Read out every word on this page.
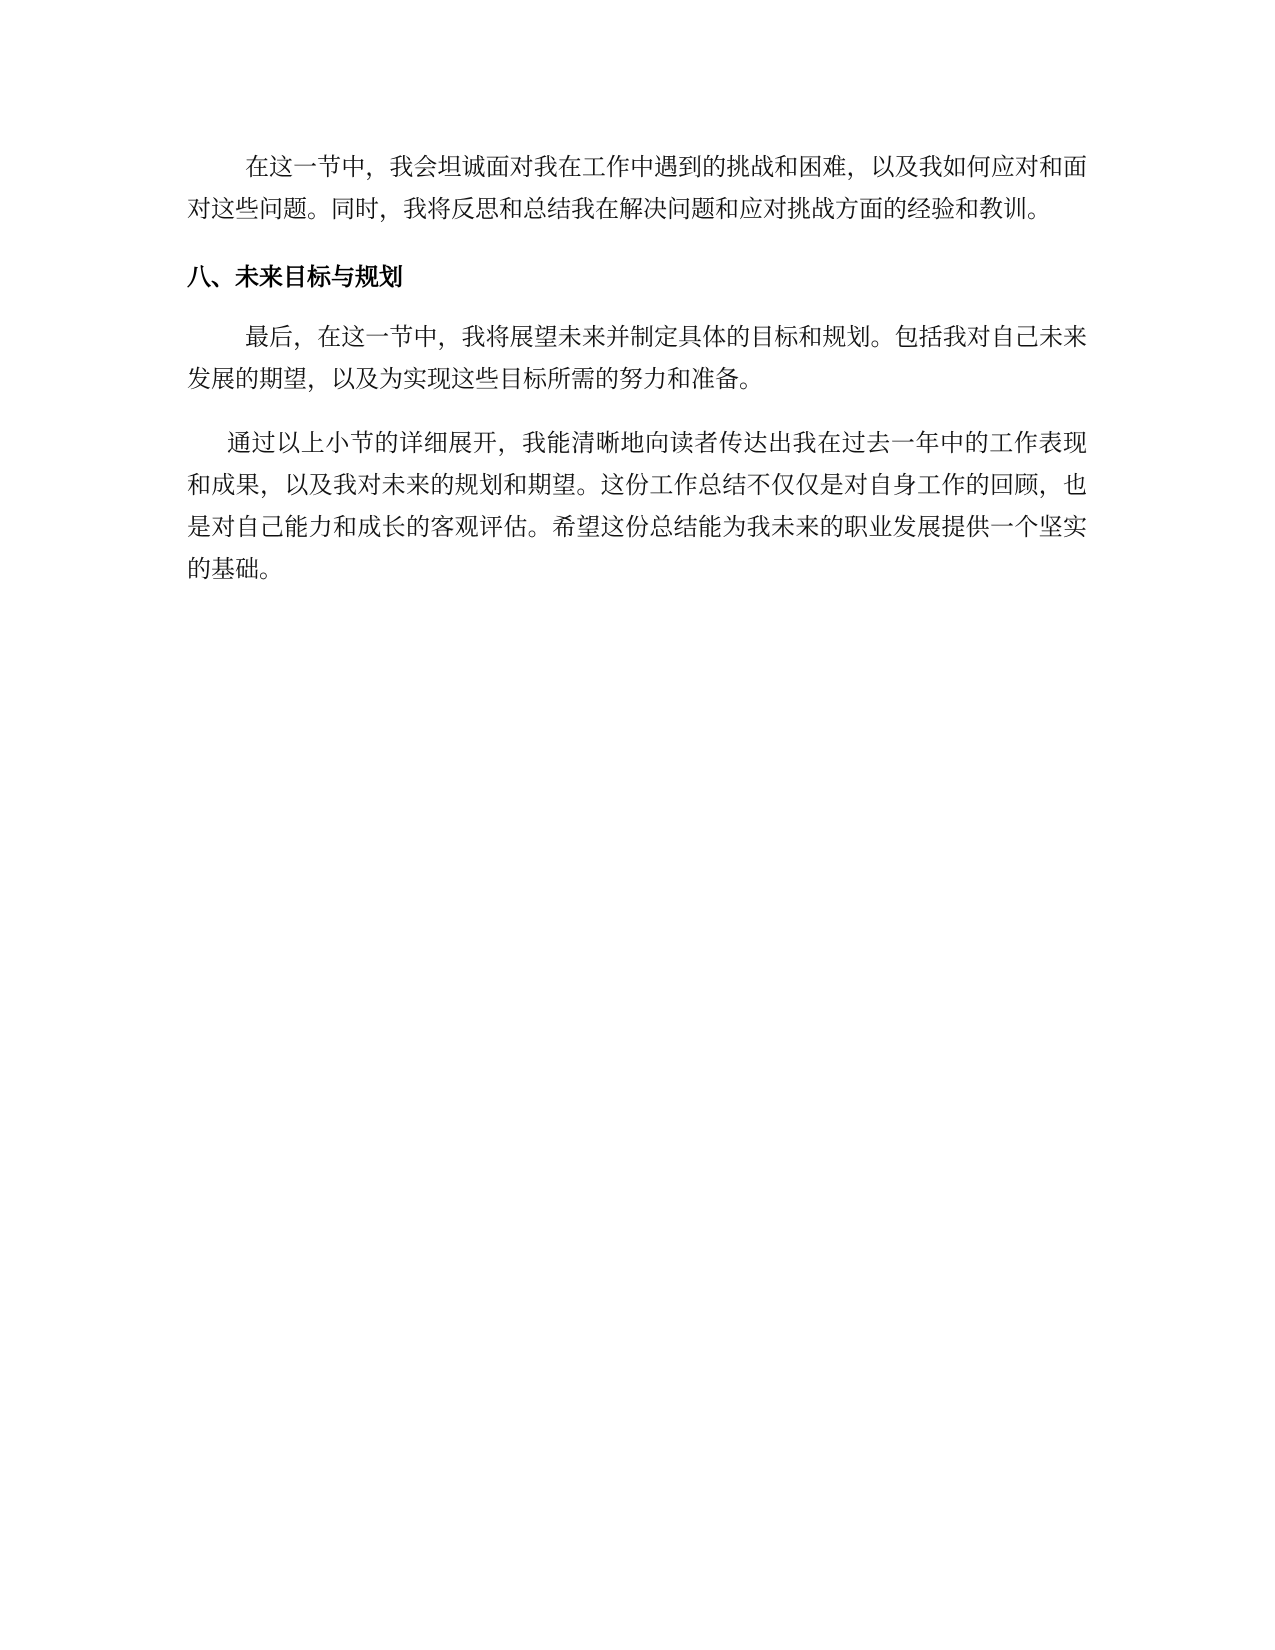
在这一节中，我会坦诚面对我在工作中遇到的挑战和困难，以及我如何应对和面对这些问题。同时，我将反思和总结我在解决问题和应对挑战方面的经验和教训。

八、未来目标与规划

最后，在这一节中，我将展望未来并制定具体的目标和规划。包括我对自己未来发展的期望，以及为实现这些目标所需的努力和准备。

通过以上小节的详细展开，我能清晰地向读者传达出我在过去一年中的工作表现和成果，以及我对未来的规划和期望。这份工作总结不仅仅是对自身工作的回顾，也是对自己能力和成长的客观评估。希望这份总结能为我未来的职业发展提供一个坚实的基础。
